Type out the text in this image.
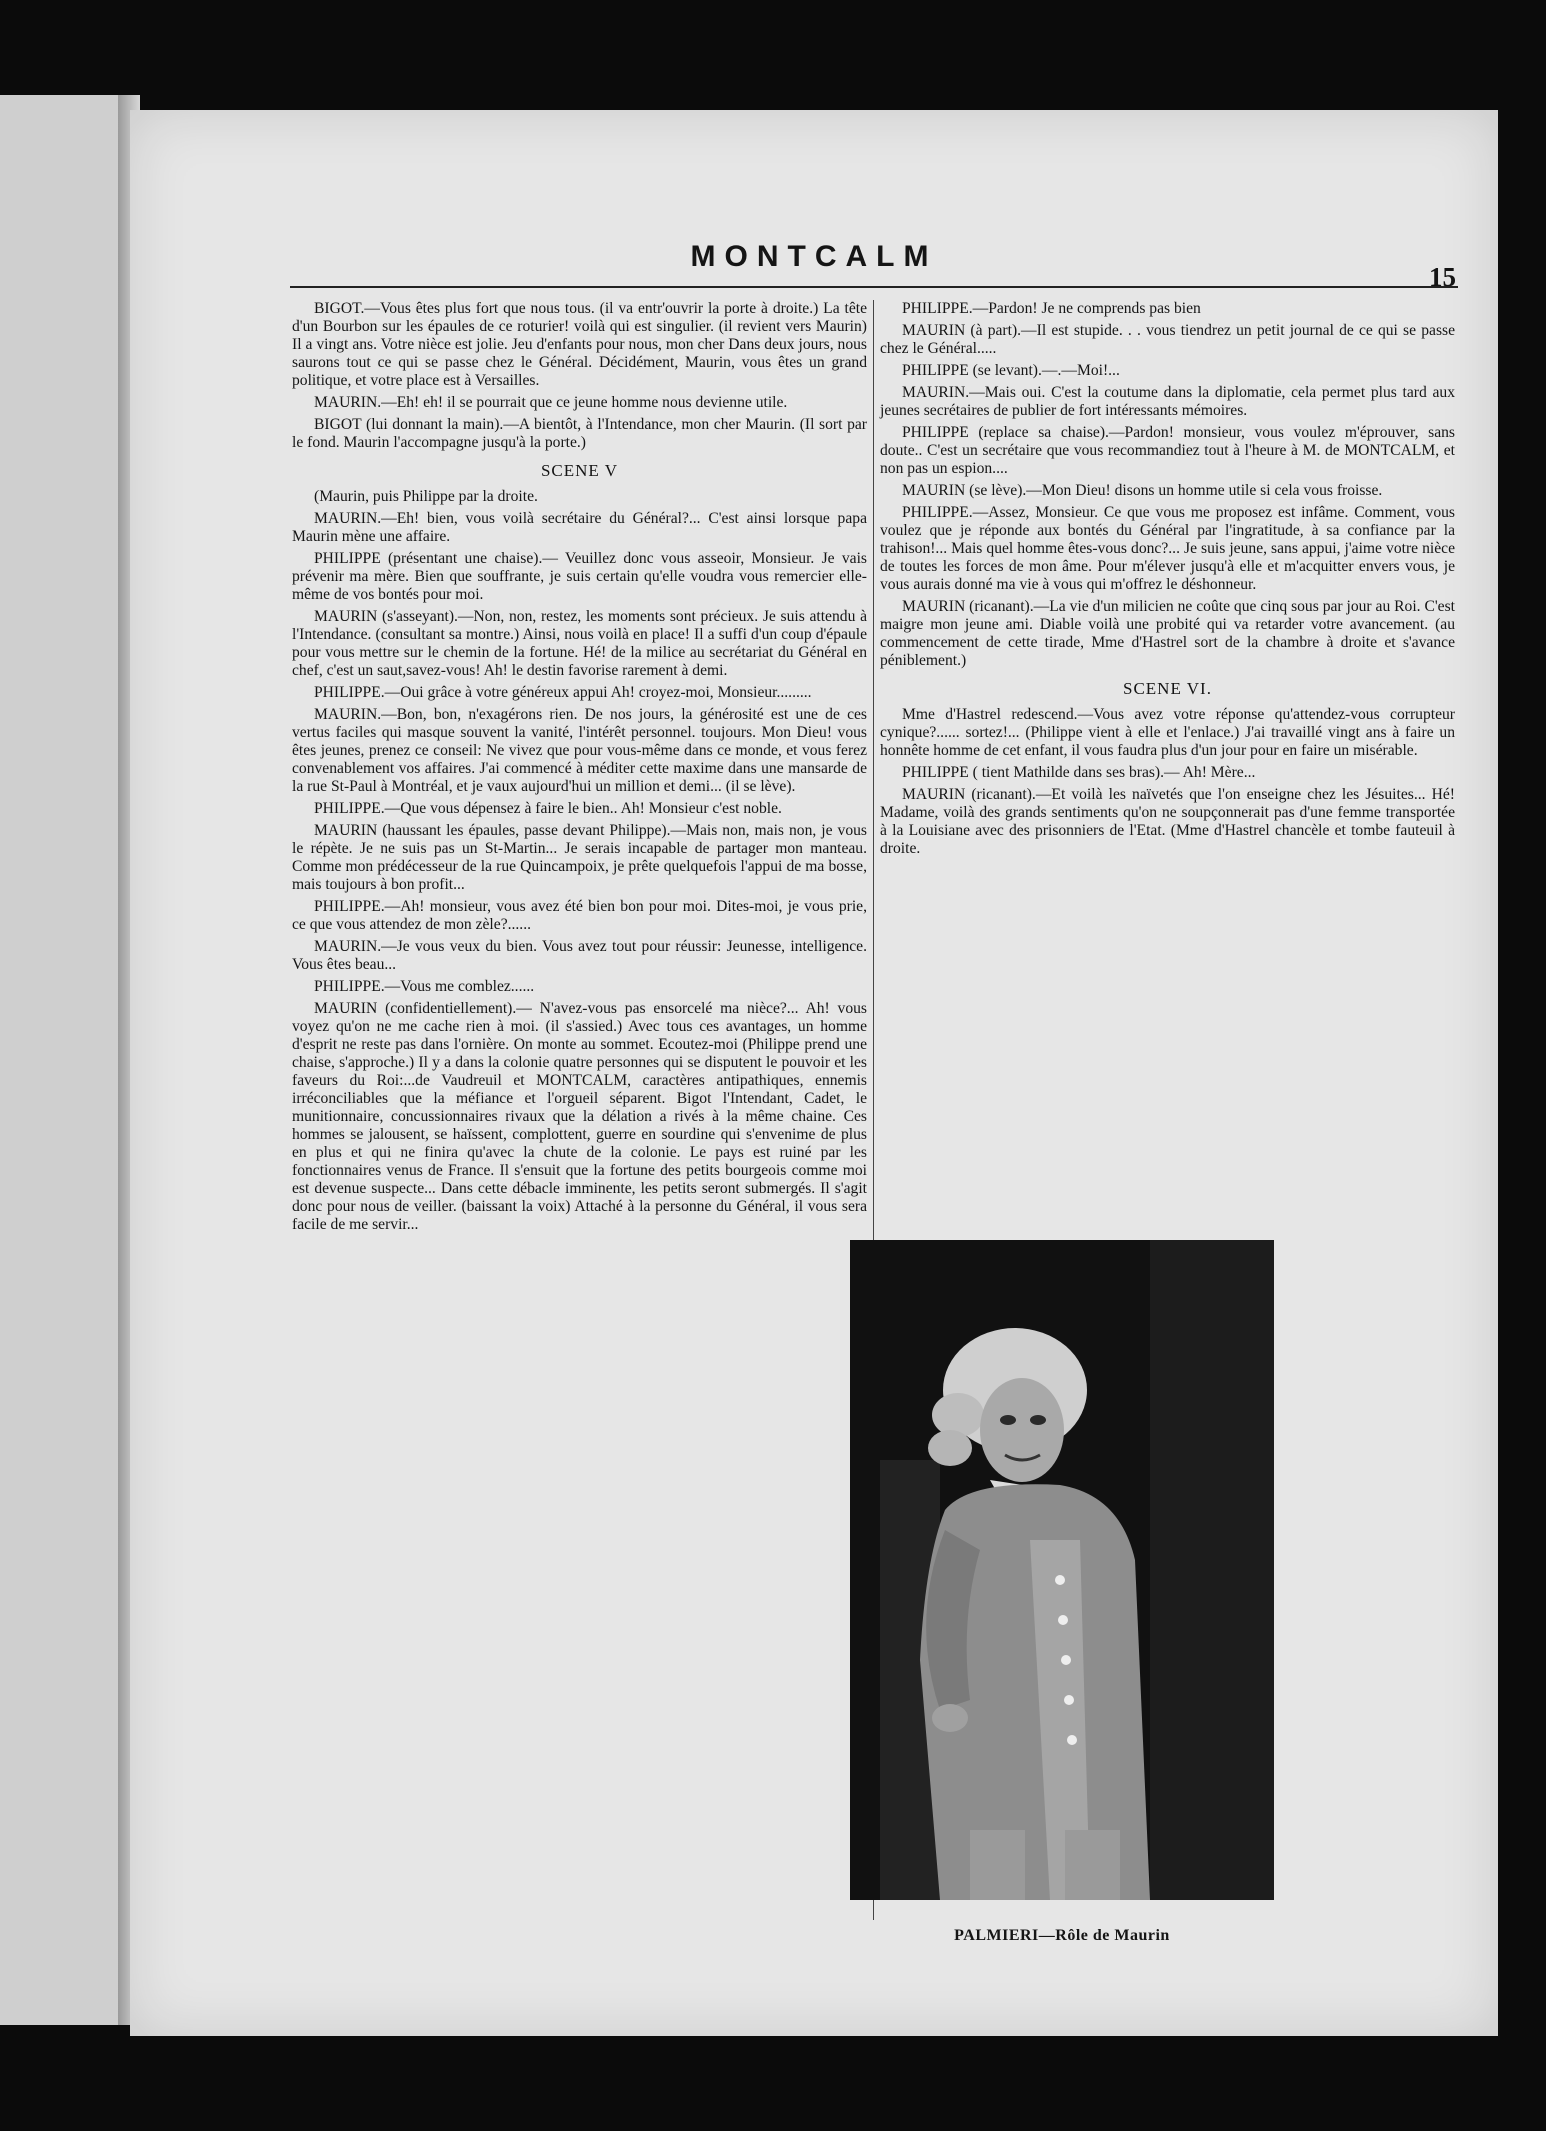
MONTCALM
15

BIGOT.—Vous êtes plus fort que nous tous. (il va entr'ouvrir la porte à droite.) La tête d'un Bourbon sur les épaules de ce roturier! voilà qui est singulier. (il revient vers Maurin) Il a vingt ans. Votre nièce est jolie. Jeu d'enfants pour nous, mon cher Dans deux jours, nous saurons tout ce qui se passe chez le Général. Décidément, Maurin, vous êtes un grand politique, et votre place est à Versailles.

MAURIN.—Eh! eh! il se pourrait que ce jeune homme nous devienne utile.

BIGOT (lui donnant la main).—A bientôt, à l'Intendance, mon cher Maurin. (Il sort par le fond. Maurin l'accompagne jusqu'à la porte.)

SCENE V

(Maurin, puis Philippe par la droite.

MAURIN.—Eh! bien, vous voilà secrétaire du Général?... C'est ainsi lorsque papa Maurin mène une affaire.

PHILIPPE (présentant une chaise).— Veuillez donc vous asseoir, Monsieur. Je vais prévenir ma mère. Bien que souffrante, je suis certain qu'elle voudra vous remercier elle-même de vos bontés pour moi.

MAURIN (s'asseyant).—Non, non, restez, les moments sont précieux. Je suis attendu à l'Intendance. (consultant sa montre.) Ainsi, nous voilà en place! Il a suffi d'un coup d'épaule pour vous mettre sur le chemin de la fortune. Hé! de la milice au secrétariat du Général en chef, c'est un saut,savez-vous! Ah! le destin favorise rarement à demi.

PHILIPPE.—Oui grâce à votre généreux appui Ah! croyez-moi, Monsieur.........

MAURIN.—Bon, bon, n'exagérons rien. De nos jours, la générosité est une de ces vertus faciles qui masque souvent la vanité, l'intérêt personnel. toujours. Mon Dieu! vous êtes jeunes, prenez ce conseil: Ne vivez que pour vous-même dans ce monde, et vous ferez convenablement vos affaires. J'ai commencé à méditer cette maxime dans une mansarde de la rue St-Paul à Montréal, et je vaux aujourd'hui un million et demi... (il se lève).

PHILIPPE.—Que vous dépensez à faire le bien.. Ah! Monsieur c'est noble.

MAURIN (haussant les épaules, passe devant Philippe).—Mais non, mais non, je vous le répète. Je ne suis pas un St-Martin... Je serais incapable de partager mon manteau. Comme mon prédécesseur de la rue Quincampoix, je prête quelquefois l'appui de ma bosse, mais toujours à bon profit...

PHILIPPE.—Ah! monsieur, vous avez été bien bon pour moi. Dites-moi, je vous prie, ce que vous attendez de mon zèle?......

MAURIN.—Je vous veux du bien. Vous avez tout pour réussir: Jeunesse, intelligence. Vous êtes beau...

PHILIPPE.—Vous me comblez......

MAURIN (confidentiellement).— N'avez-vous pas ensorcelé ma nièce?... Ah! vous voyez qu'on ne me cache rien à moi. (il s'assied.) Avec tous ces avantages, un homme d'esprit ne reste pas dans l'ornière. On monte au sommet. Ecoutez-moi (Philippe prend une chaise, s'approche.) Il y a dans la colonie quatre personnes qui se disputent le pouvoir et les faveurs du Roi:...de Vaudreuil et MONTCALM, caractères antipathiques, ennemis irréconciliables que la méfiance et l'orgueil séparent. Bigot l'Intendant, Cadet, le munitionnaire, concussionnaires rivaux que la délation a rivés à la même chaine. Ces hommes se jalousent, se haïssent, complottent, guerre en sourdine qui s'envenime de plus en plus et qui ne finira qu'avec la chute de la colonie. Le pays est ruiné par les fonctionnaires venus de France. Il s'ensuit que la fortune des petits bourgeois comme moi est devenue suspecte... Dans cette débacle imminente, les petits seront submergés. Il s'agit donc pour nous de veiller. (baissant la voix) Attaché à la personne du Général, il vous sera facile de me servir...

PHILIPPE.—Pardon! Je ne comprends pas bien

MAURIN (à part).—Il est stupide. . . vous tiendrez un petit journal de ce qui se passe chez le Général.....

PHILIPPE (se levant).—.—Moi!...

MAURIN.—Mais oui. C'est la coutume dans la diplomatie, cela permet plus tard aux jeunes secrétaires de publier de fort intéressants mémoires.

PHILIPPE (replace sa chaise).—Pardon! monsieur, vous voulez m'éprouver, sans doute.. C'est un secrétaire que vous recommandiez tout à l'heure à M. de MONTCALM, et non pas un espion....

MAURIN (se lève).—Mon Dieu! disons un homme utile si cela vous froisse.

PHILIPPE.—Assez, Monsieur. Ce que vous me proposez est infâme. Comment, vous voulez que je réponde aux bontés du Général par l'ingratitude, à sa confiance par la trahison!... Mais quel homme êtes-vous donc?... Je suis jeune, sans appui, j'aime votre nièce de toutes les forces de mon âme. Pour m'élever jusqu'à elle et m'acquitter envers vous, je vous aurais donné ma vie à vous qui m'offrez le déshonneur.

MAURIN (ricanant).—La vie d'un milicien ne coûte que cinq sous par jour au Roi. C'est maigre mon jeune ami. Diable voilà une probité qui va retarder votre avancement. (au commencement de cette tirade, Mme d'Hastrel sort de la chambre à droite et s'avance péniblement.)

SCENE VI.

Mme d'Hastrel redescend.—Vous avez votre réponse qu'attendez-vous corrupteur cynique?...... sortez!... (Philippe vient à elle et l'enlace.) J'ai travaillé vingt ans à faire un honnête homme de cet enfant, il vous faudra plus d'un jour pour en faire un misérable.

PHILIPPE ( tient Mathilde dans ses bras).— Ah! Mère...

MAURIN (ricanant).—Et voilà les naïvetés que l'on enseigne chez les Jésuites... Hé! Madame, voilà des grands sentiments qu'on ne soupçonnerait pas d'une femme transportée à la Louisiane avec des prisonniers de l'Etat. (Mme d'Hastrel chancèle et tombe fauteuil à droite.

PALMIERI—Rôle de Maurin
